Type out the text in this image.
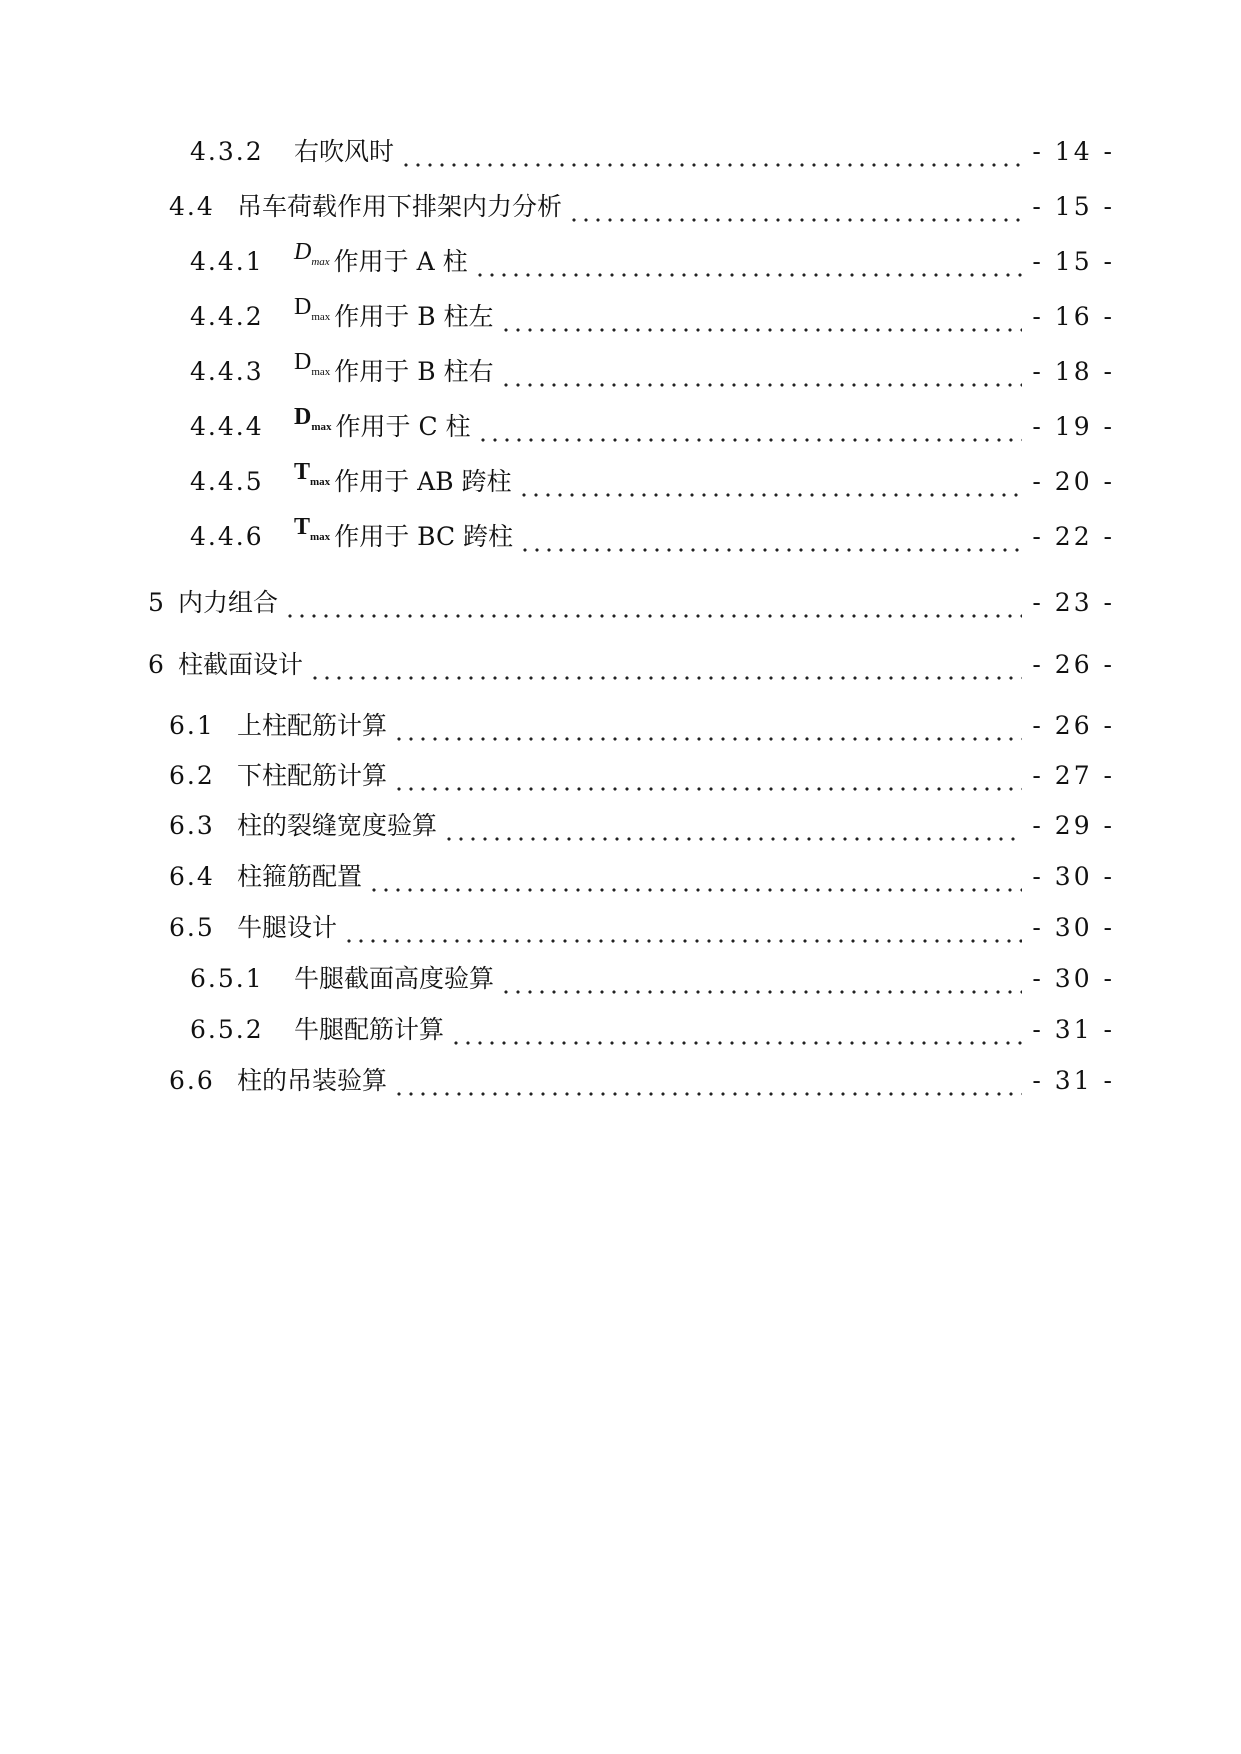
4.3.2	右吹风时	- 14 -
4.4 吊车荷载作用下排架内力分析	- 15 -
4.4.1	$D_{max}$ 作用于 A 柱	- 15 -
4.4.2	$D_{max}$ 作用于 B 柱左	- 16 -
4.4.3	$D_{max}$ 作用于 B 柱右	- 18 -
4.4.4	$D_{max}$ 作用于 C 柱	- 19 -
4.4.5	$T_{max}$ 作用于 AB 跨柱	- 20 -
4.4.6	$T_{max}$ 作用于 BC 跨柱	- 22 -
5 内力组合	- 23 -
6 柱截面设计	- 26 -
6.1 上柱配筋计算	- 26 -
6.2 下柱配筋计算	- 27 -
6.3 柱的裂缝宽度验算	- 29 -
6.4 柱箍筋配置	- 30 -
6.5 牛腿设计	- 30 -
6.5.1	牛腿截面高度验算	- 30 -
6.5.2	牛腿配筋计算	- 31 -
6.6 柱的吊装验算	- 31 -
